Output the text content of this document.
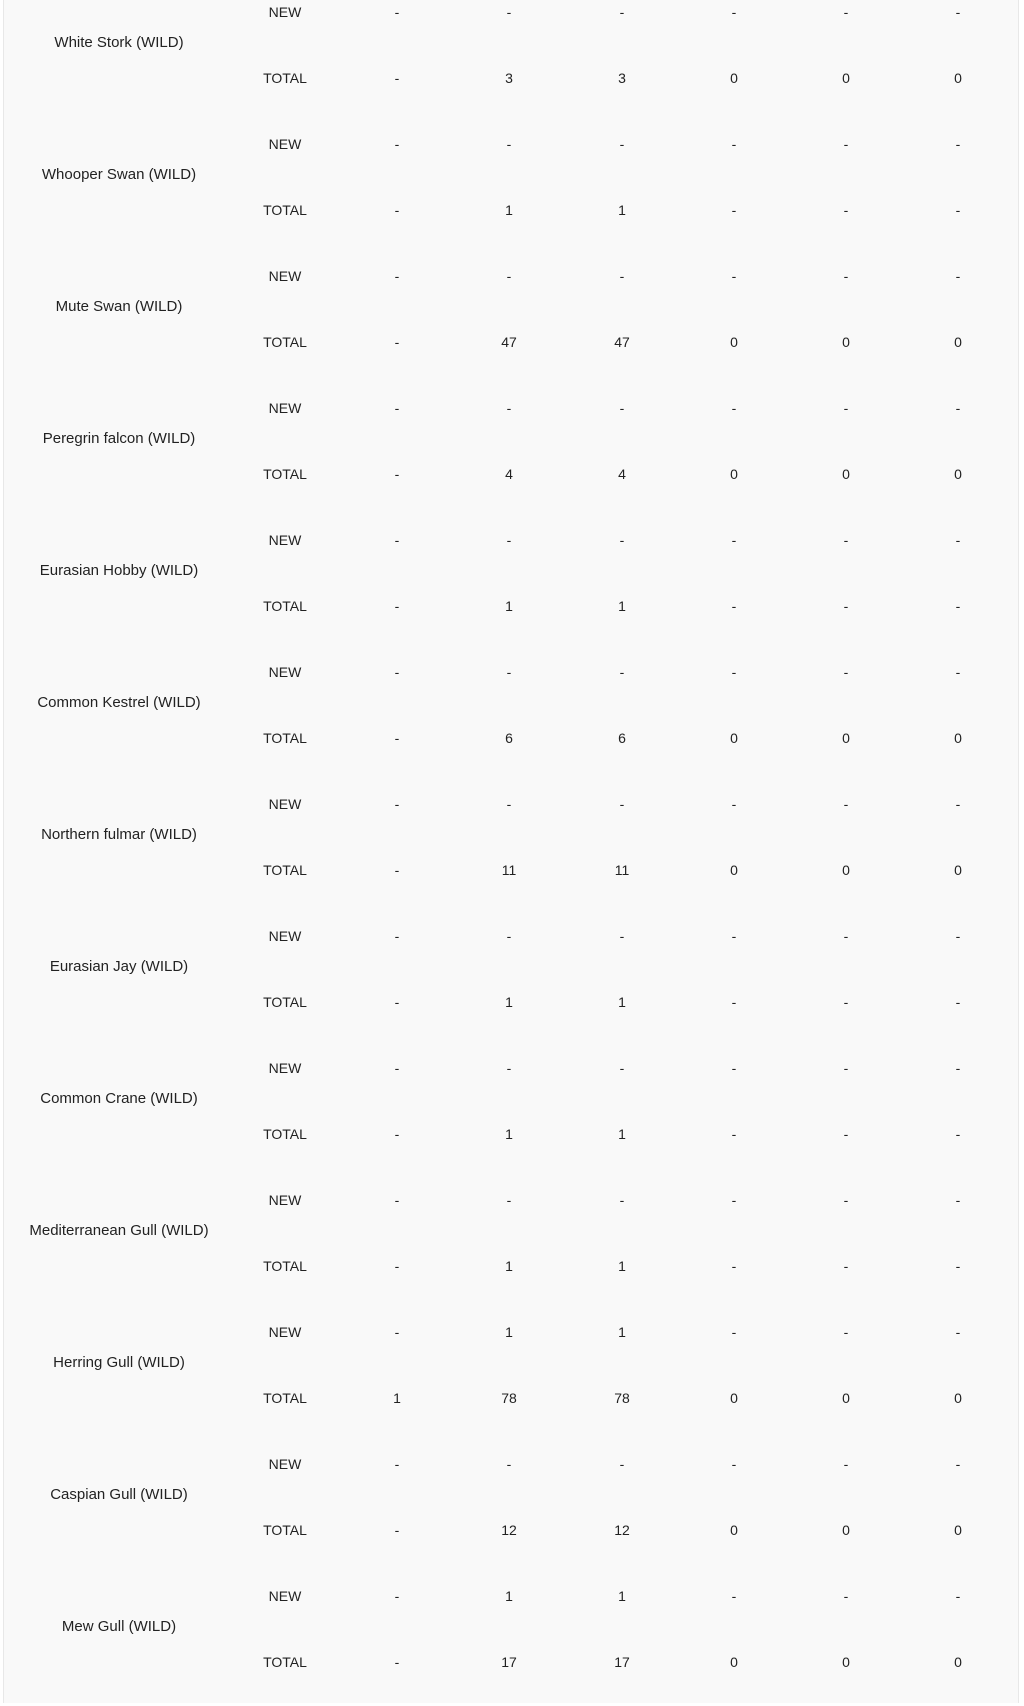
White Stork (WILD)
NEW	-	-	-	-	-	-
TOTAL	-	3	3	0	0	0
Whooper Swan (WILD)
NEW	-	-	-	-	-	-
TOTAL	-	1	1	-	-	-
Mute Swan (WILD)
NEW	-	-	-	-	-	-
TOTAL	-	47	47	0	0	0
Peregrin falcon (WILD)
NEW	-	-	-	-	-	-
TOTAL	-	4	4	0	0	0
Eurasian Hobby (WILD)
NEW	-	-	-	-	-	-
TOTAL	-	1	1	-	-	-
Common Kestrel (WILD)
NEW	-	-	-	-	-	-
TOTAL	-	6	6	0	0	0
Northern fulmar (WILD)
NEW	-	-	-	-	-	-
TOTAL	-	11	11	0	0	0
Eurasian Jay (WILD)
NEW	-	-	-	-	-	-
TOTAL	-	1	1	-	-	-
Common Crane (WILD)
NEW	-	-	-	-	-	-
TOTAL	-	1	1	-	-	-
Mediterranean Gull (WILD)
NEW	-	-	-	-	-	-
TOTAL	-	1	1	-	-	-
Herring Gull (WILD)
NEW	-	1	1	-	-	-
TOTAL	1	78	78	0	0	0
Caspian Gull (WILD)
NEW	-	-	-	-	-	-
TOTAL	-	12	12	0	0	0
Mew Gull (WILD)
NEW	-	1	1	-	-	-
TOTAL	-	17	17	0	0	0
